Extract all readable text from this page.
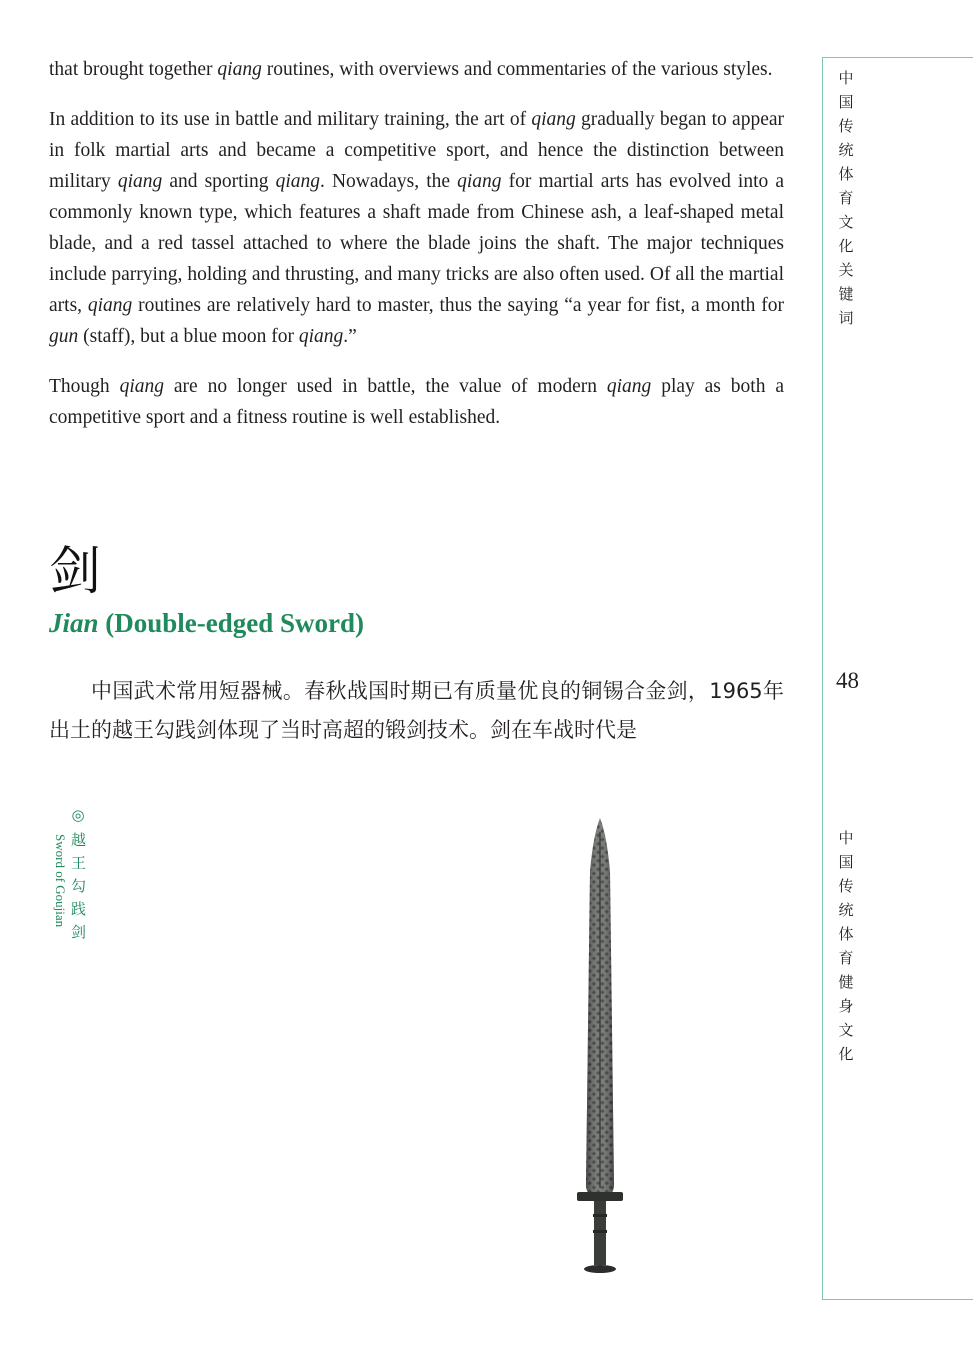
that brought together qiang routines, with overviews and commentaries of the various styles.

In addition to its use in battle and military training, the art of qiang gradually began to appear in folk martial arts and became a competitive sport, and hence the distinction between military qiang and sporting qiang. Nowadays, the qiang for martial arts has evolved into a commonly known type, which features a shaft made from Chinese ash, a leaf-shaped metal blade, and a red tassel attached to where the blade joins the shaft. The major techniques include parrying, holding and thrusting, and many tricks are also often used. Of all the martial arts, qiang routines are relatively hard to master, thus the saying “a year for fist, a month for gun (staff), but a blue moon for qiang.”

Though qiang are no longer used in battle, the value of modern qiang play as both a competitive sport and a fitness routine is well established.

剑
Jian (Double-edged Sword)

中国武术常用短器械。春秋战国时期已有质量优良的铜锡合金剑，1965年出土的越王勾践剑体现了当时高超的锻剑技术。剑在车战时代是

中
国
传
统
体
育
文
化
关
键
词
48
中
国
传
统
体
育
健
身
文
化
◎越王勾践剑
Sword of Goujian
